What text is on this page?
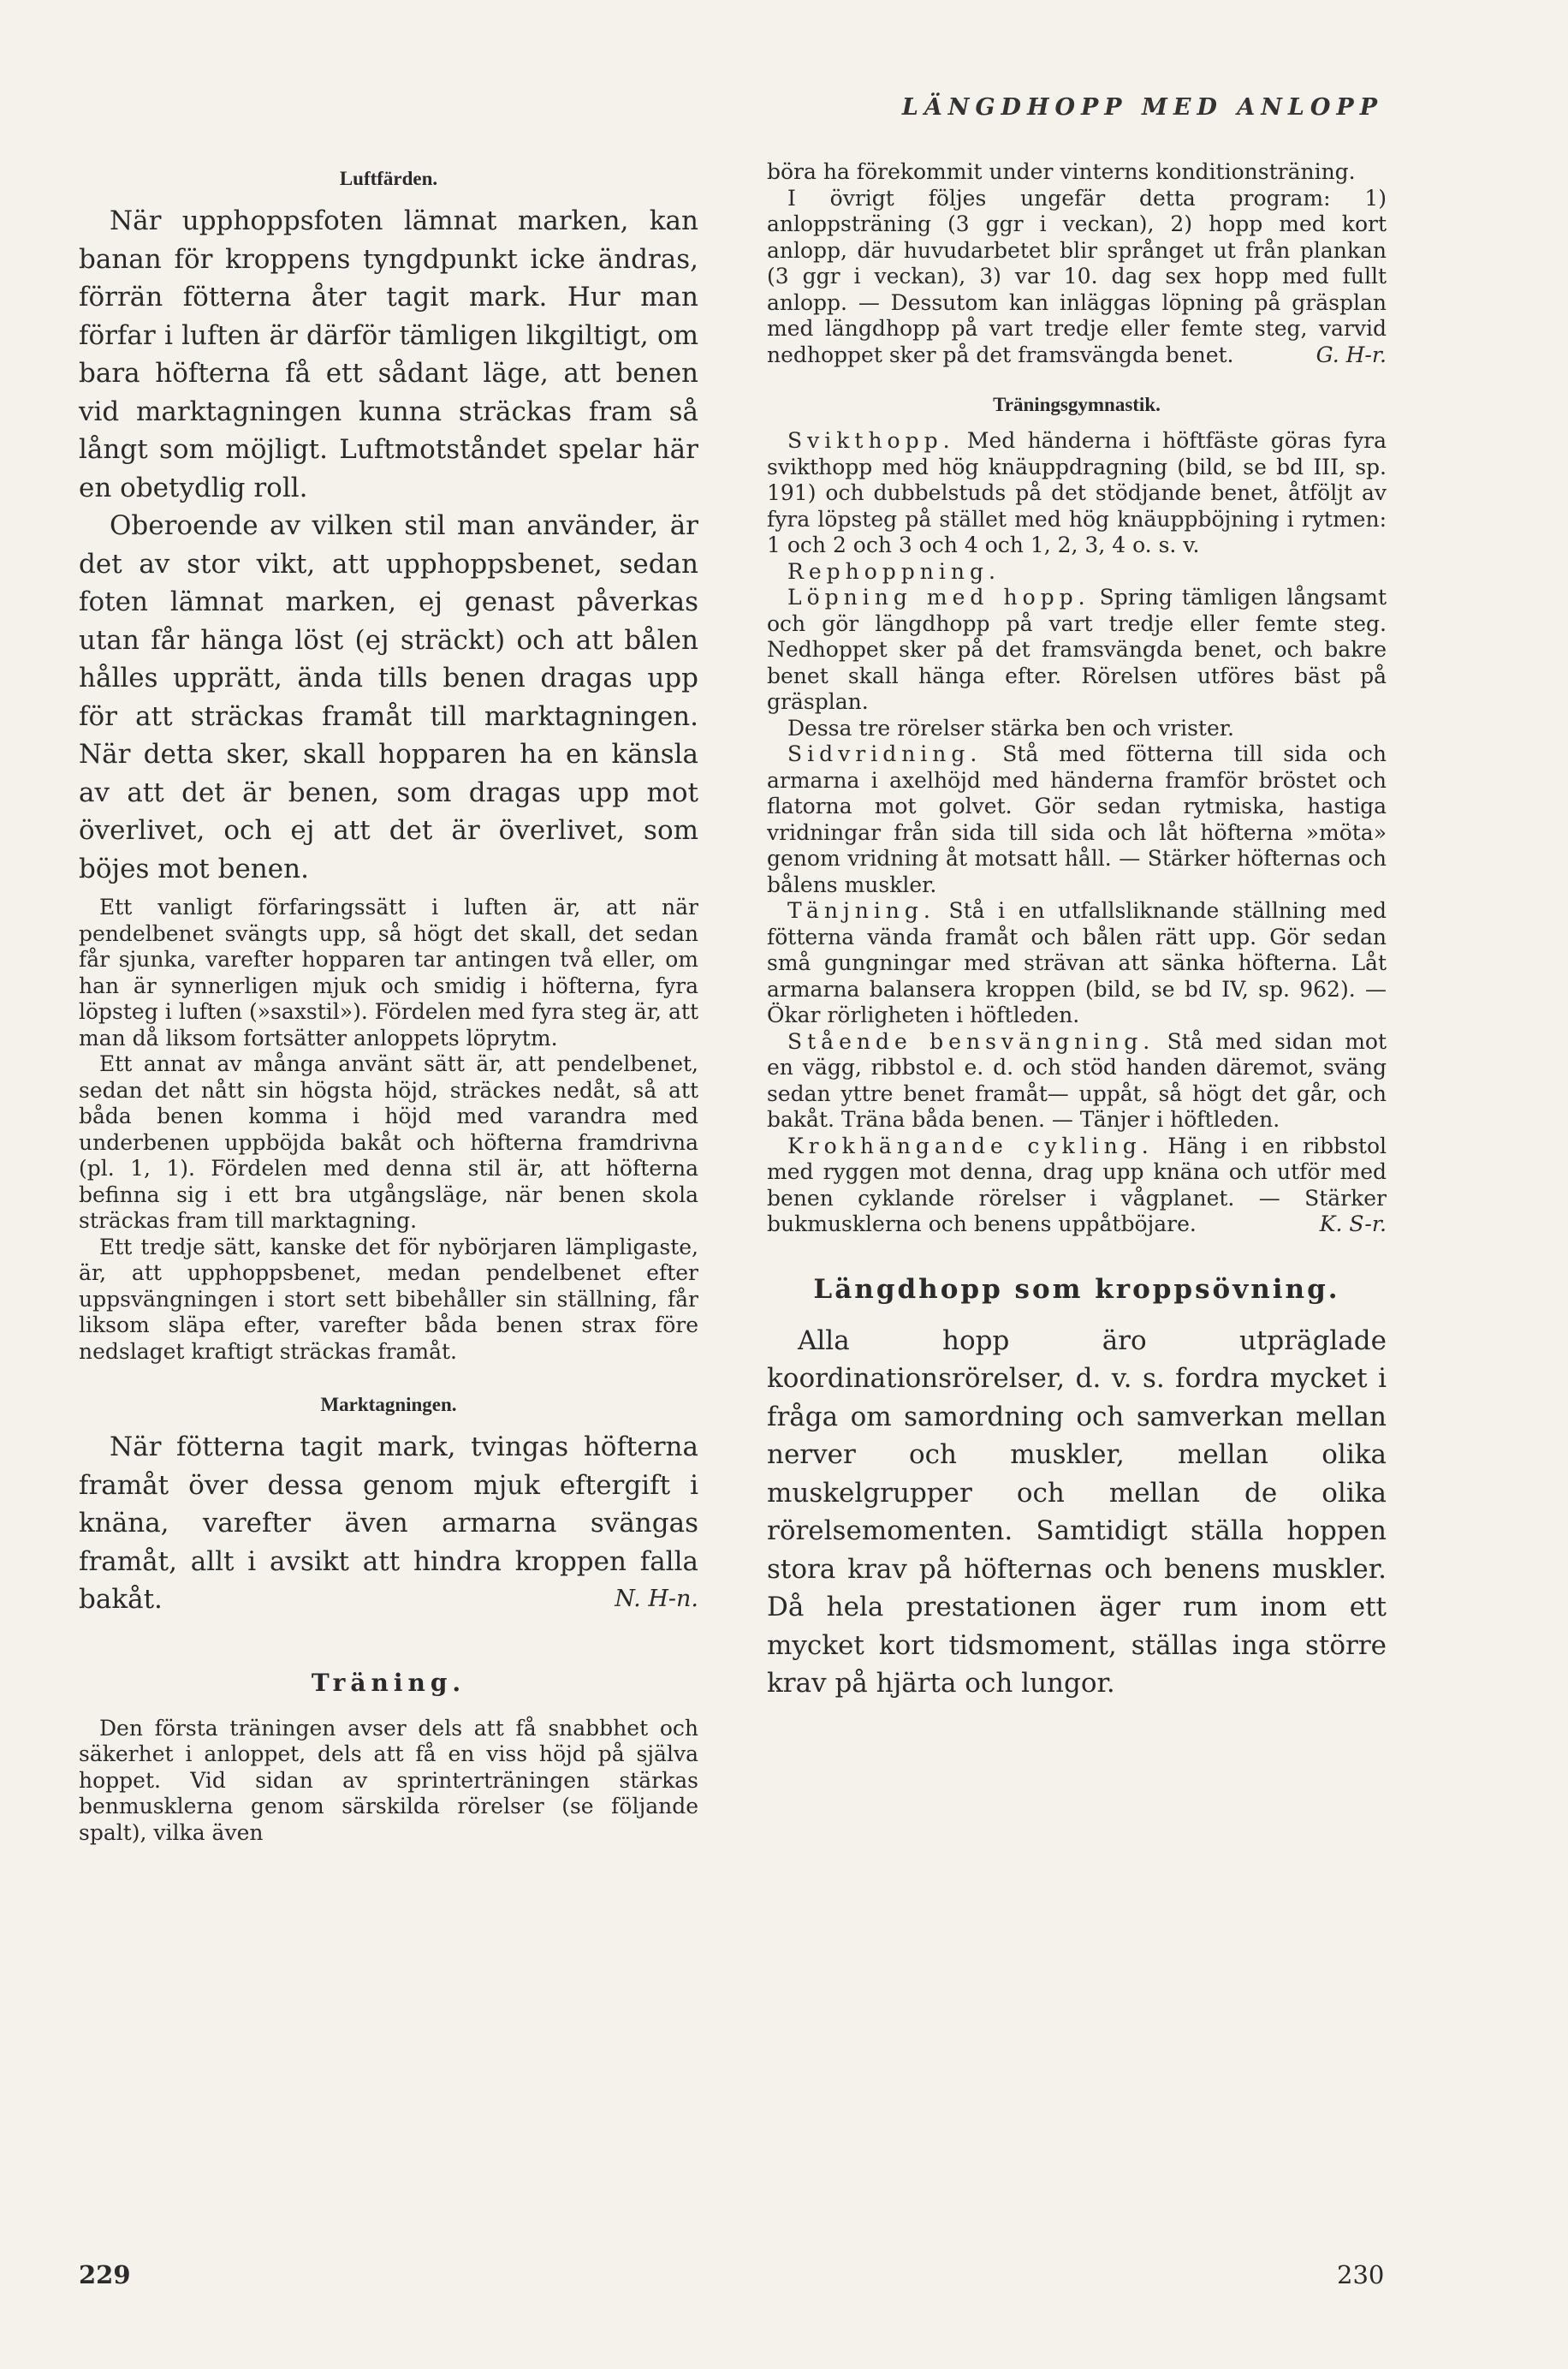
LÄNGDHOPP MED ANLOPP
Luftfärden.

När upphoppsfoten lämnat marken, kan banan för kroppens tyngdpunkt icke ändras, förrän fötterna åter tagit mark. Hur man förfar i luften är därför tämligen likgiltigt, om bara höfterna få ett sådant läge, att benen vid marktagningen kunna sträckas fram så långt som möjligt. Luftmotståndet spelar här en obetydlig roll.

Oberoende av vilken stil man använder, är det av stor vikt, att upphoppsbenet, sedan foten lämnat marken, ej genast påverkas utan får hänga löst (ej sträckt) och att bålen hålles upprätt, ända tills benen dragas upp för att sträckas framåt till marktagningen. När detta sker, skall hopparen ha en känsla av att det är benen, som dragas upp mot överlivet, och ej att det är överlivet, som böjes mot benen.

Ett vanligt förfaringssätt i luften är, att när pendelbenet svängts upp, så högt det skall, det sedan får sjunka, varefter hopparen tar antingen två eller, om han är synnerligen mjuk och smidig i höfterna, fyra löpsteg i luften (»saxstil»). Fördelen med fyra steg är, att man då liksom fortsätter anloppets löprytm.

Ett annat av många använt sätt är, att pendelbenet, sedan det nått sin högsta höjd, sträckes nedåt, så att båda benen komma i höjd med varandra med underbenen uppböjda bakåt och höfterna framdrivna (pl. 1, 1). Fördelen med denna stil är, att höfterna befinna sig i ett bra utgångsläge, när benen skola sträckas fram till marktagning.

Ett tredje sätt, kanske det för nybörjaren lämpligaste, är, att upphoppsbenet, medan pendelbenet efter uppsvängningen i stort sett bibehåller sin ställning, får liksom släpa efter, varefter båda benen strax före nedslaget kraftigt sträckas framåt.

Marktagningen.

När fötterna tagit mark, tvingas höfterna framåt över dessa genom mjuk eftergift i knäna, varefter även armarna svängas framåt, allt i avsikt att hindra kroppen falla bakåt.	N. H-n.

Träning.

Den första träningen avser dels att få snabbhet och säkerhet i anloppet, dels att få en viss höjd på själva hoppet. Vid sidan av sprinterträningen stärkas benmusklerna genom särskilda rörelser (se följande spalt), vilka även

böra ha förekommit under vinterns konditionsträning.

I övrigt följes ungefär detta program: 1) anloppsträning (3 ggr i veckan), 2) hopp med kort anlopp, där huvudarbetet blir språnget ut från plankan (3 ggr i veckan), 3) var 10. dag sex hopp med fullt anlopp. — Dessutom kan inläggas löpning på gräsplan med längdhopp på vart tredje eller femte steg, varvid nedhoppet sker på det framsvängda benet.	G. H-r.

Träningsgymnastik.

Svikthopp. Med händerna i höftfäste göras fyra svikthopp med hög knäuppdragning (bild, se bd III, sp. 191) och dubbelstuds på det stödjande benet, åtföljt av fyra löpsteg på stället med hög knäuppböjning i rytmen: 1 och 2 och 3 och 4 och 1, 2, 3, 4 o. s. v.

Rephoppning.

Löpning med hopp. Spring tämligen långsamt och gör längdhopp på vart tredje eller femte steg. Nedhoppet sker på det framsvängda benet, och bakre benet skall hänga efter. Rörelsen utföres bäst på gräsplan.

Dessa tre rörelser stärka ben och vrister.

Sidvridning. Stå med fötterna till sida och armarna i axelhöjd med händerna framför bröstet och flatorna mot golvet. Gör sedan rytmiska, hastiga vridningar från sida till sida och låt höfterna »möta» genom vridning åt motsatt håll. — Stärker höfternas och bålens muskler.

Tänjning. Stå i en utfallsliknande ställning med fötterna vända framåt och bålen rätt upp. Gör sedan små gungningar med strävan att sänka höfterna. Låt armarna balansera kroppen (bild, se bd IV, sp. 962). — Ökar rörligheten i höftleden.

Stående bensvängning. Stå med sidan mot en vägg, ribbstol e. d. och stöd handen däremot, sväng sedan yttre benet framåt— uppåt, så högt det går, och bakåt. Träna båda benen. — Tänjer i höftleden.

Krokhängande cykling. Häng i en ribbstol med ryggen mot denna, drag upp knäna och utför med benen cyklande rörelser i vågplanet. — Stärker bukmusklerna och benens uppåtböjare.	K. S-r.

Längdhopp som kroppsövning.

Alla hopp äro utpräglade koordinationsrörelser, d. v. s. fordra mycket i fråga om samordning och samverkan mellan nerver och muskler, mellan olika muskelgrupper och mellan de olika rörelsemomenten. Samtidigt ställa hoppen stora krav på höfternas och benens muskler. Då hela prestationen äger rum inom ett mycket kort tidsmoment, ställas inga större krav på hjärta och lungor.

229	230
